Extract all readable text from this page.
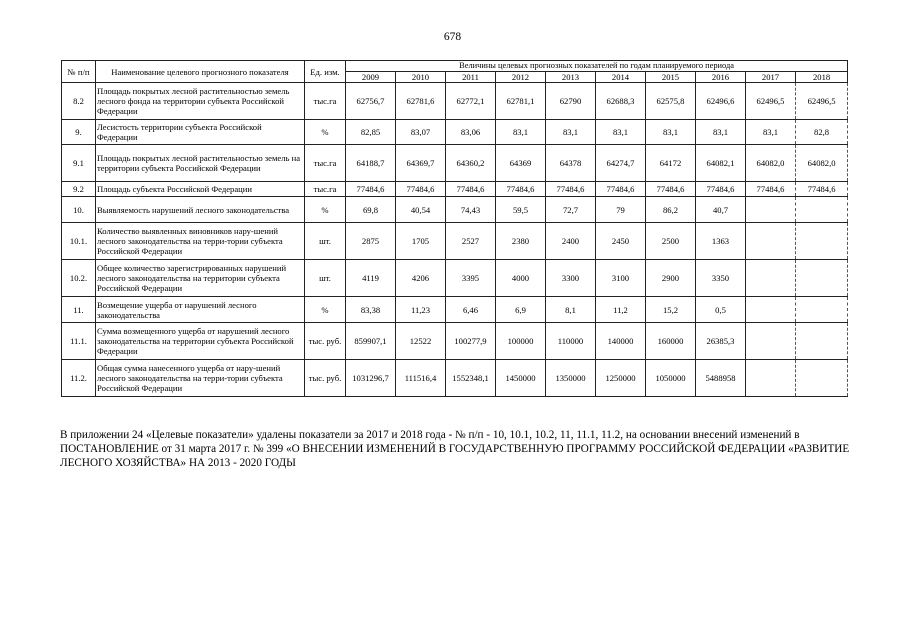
678
№ п/п	Наименование целевого прогнозного показателя	Ед. изм.	Величины целевых прогнозных показателей по годам планируемого периода									
			2009	2010	2011	2012	2013	2014	2015	2016	2017	2018
8.2	Площадь покрытых лесной растительностью земель лесного фонда на территории субъекта Российской Федерации	тыс.га	62756,7	62781,6	62772,1	62781,1	62790	62688,3	62575,8	62496,6	62496,5	62496,5
9.	Лесистость территории субъекта Российской Федерации	%	82,85	83,07	83,06	83,1	83,1	83,1	83,1	83,1	83,1	82,8
9.1	Площадь покрытых лесной растительностью земель на территории субъекта Российской Федерации	тыс.га	64188,7	64369,7	64360,2	64369	64378	64274,7	64172	64082,1	64082,0	64082,0
9.2	Площадь субъекта Российской Федерации	тыс.га	77484,6	77484,6	77484,6	77484,6	77484,6	77484,6	77484,6	77484,6	77484,6	77484,6
10.	Выявляемость нарушений лесного законодательства	%	69,8	40,54	74,43	59,5	72,7	79	86,2	40,7		
10.1.	Количество выявленных виновников нару-шений лесного законодательства на терри-тории субъекта Российской Федерации	шт.	2875	1705	2527	2380	2400	2450	2500	1363		
10.2.	Общее количество зарегистрированных нарушений лесного законодательства на территории субъекта Российской Федерации	шт.	4119	4206	3395	4000	3300	3100	2900	3350		
11.	Возмещение ущерба от нарушений лесного законодательства	%	83,38	11,23	6,46	6,9	8,1	11,2	15,2	0,5		
11.1.	Сумма возмещенного ущерба от нарушений лесного законодательства на территории субъекта Российской Федерации	тыс. руб.	859907,1	12522	100277,9	100000	110000	140000	160000	26385,3		
11.2.	Общая сумма нанесенного ущерба от нару-шений лесного законодательства на терри-тории субъекта Российской Федерации	тыс. руб.	1031296,7	111516,4	1552348,1	1450000	1350000	1250000	1050000	5488958		

В приложении 24 «Целевые показатели» удалены показатели за 2017 и 2018 года - № п/п - 10, 10.1, 10.2, 11, 11.1, 11.2, на основании внесений изменений в ПОСТАНОВЛЕНИЕ от 31 марта 2017 г. № 399 «О ВНЕСЕНИИ ИЗМЕНЕНИЙ В ГОСУДАРСТВЕННУЮ ПРОГРАММУ РОССИЙСКОЙ ФЕДЕРАЦИИ «РАЗВИТИЕ ЛЕСНОГО ХОЗЯЙСТВА» НА 2013 - 2020 ГОДЫ
